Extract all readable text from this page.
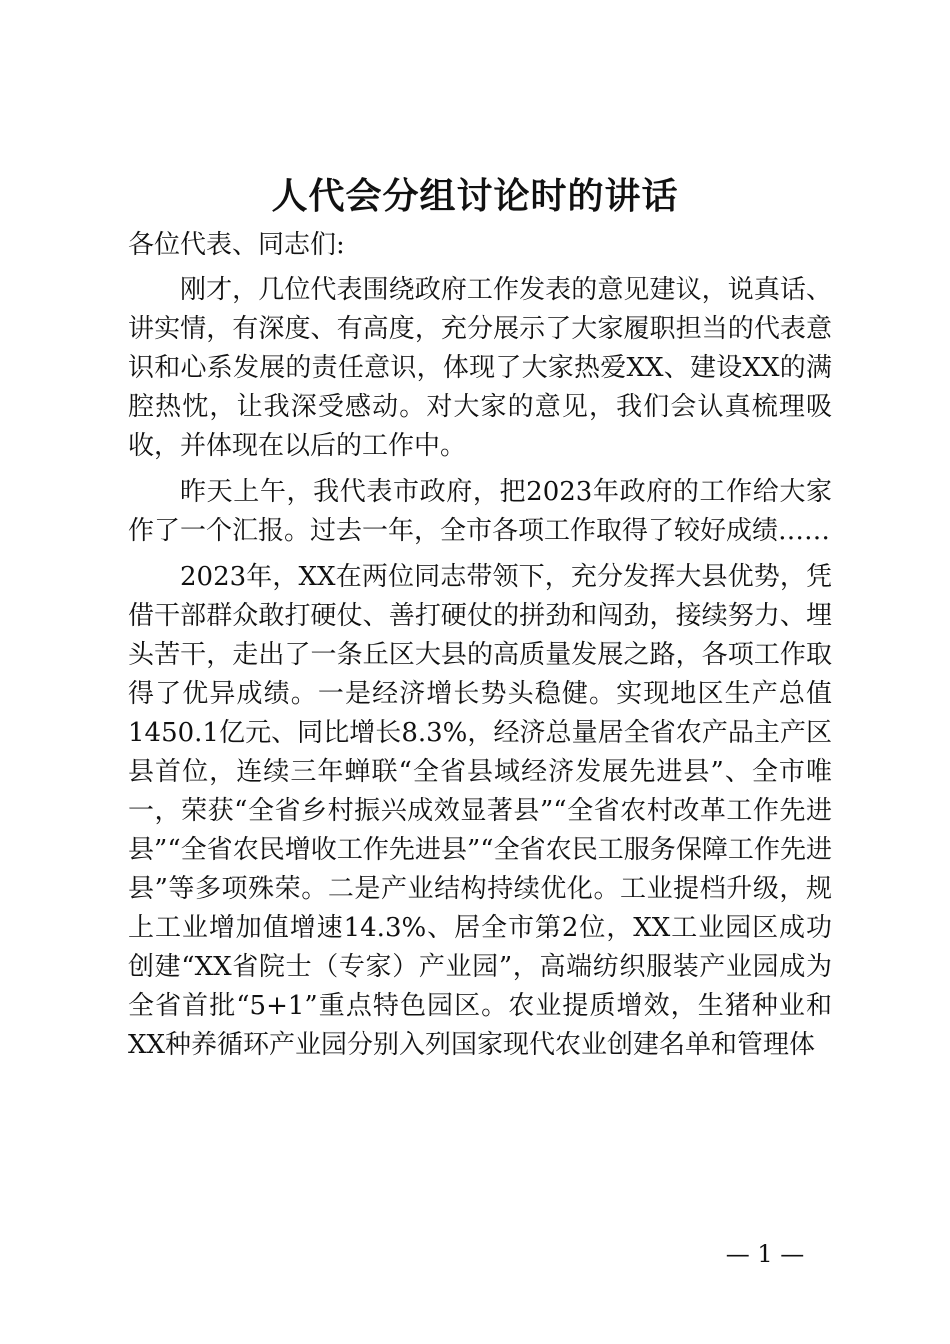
人代会分组讨论时的讲话

各位代表、同志们:

刚才，几位代表围绕政府工作发表的意见建议，说真话、讲实情，有深度、有高度，充分展示了大家履职担当的代表意识和心系发展的责任意识，体现了大家热爱XX、建设XX的满腔热忱，让我深受感动。对大家的意见，我们会认真梳理吸收，并体现在以后的工作中。

昨天上午，我代表市政府，把2023年政府的工作给大家作了一个汇报。过去一年，全市各项工作取得了较好成绩……

2023年，XX在两位同志带领下，充分发挥大县优势，凭借干部群众敢打硬仗、善打硬仗的拼劲和闯劲，接续努力、埋头苦干，走出了一条丘区大县的高质量发展之路，各项工作取得了优异成绩。一是经济增长势头稳健。实现地区生产总值1450.1亿元、同比增长8.3%，经济总量居全省农产品主产区县首位，连续三年蝉联“全省县域经济发展先进县”、全市唯一，荣获“全省乡村振兴成效显著县”“全省农村改革工作先进县”“全省农民增收工作先进县”“全省农民工服务保障工作先进县”等多项殊荣。二是产业结构持续优化。工业提档升级，规上工业增加值增速14.3%、居全市第2位，XX工业园区成功创建“XX省院士（专家）产业园”，高端纺织服装产业园成为全省首批“5+1”重点特色园区。农业提质增效，生猪种业和XX种养循环产业园分别入列国家现代农业创建名单和管理体

— 1 —
